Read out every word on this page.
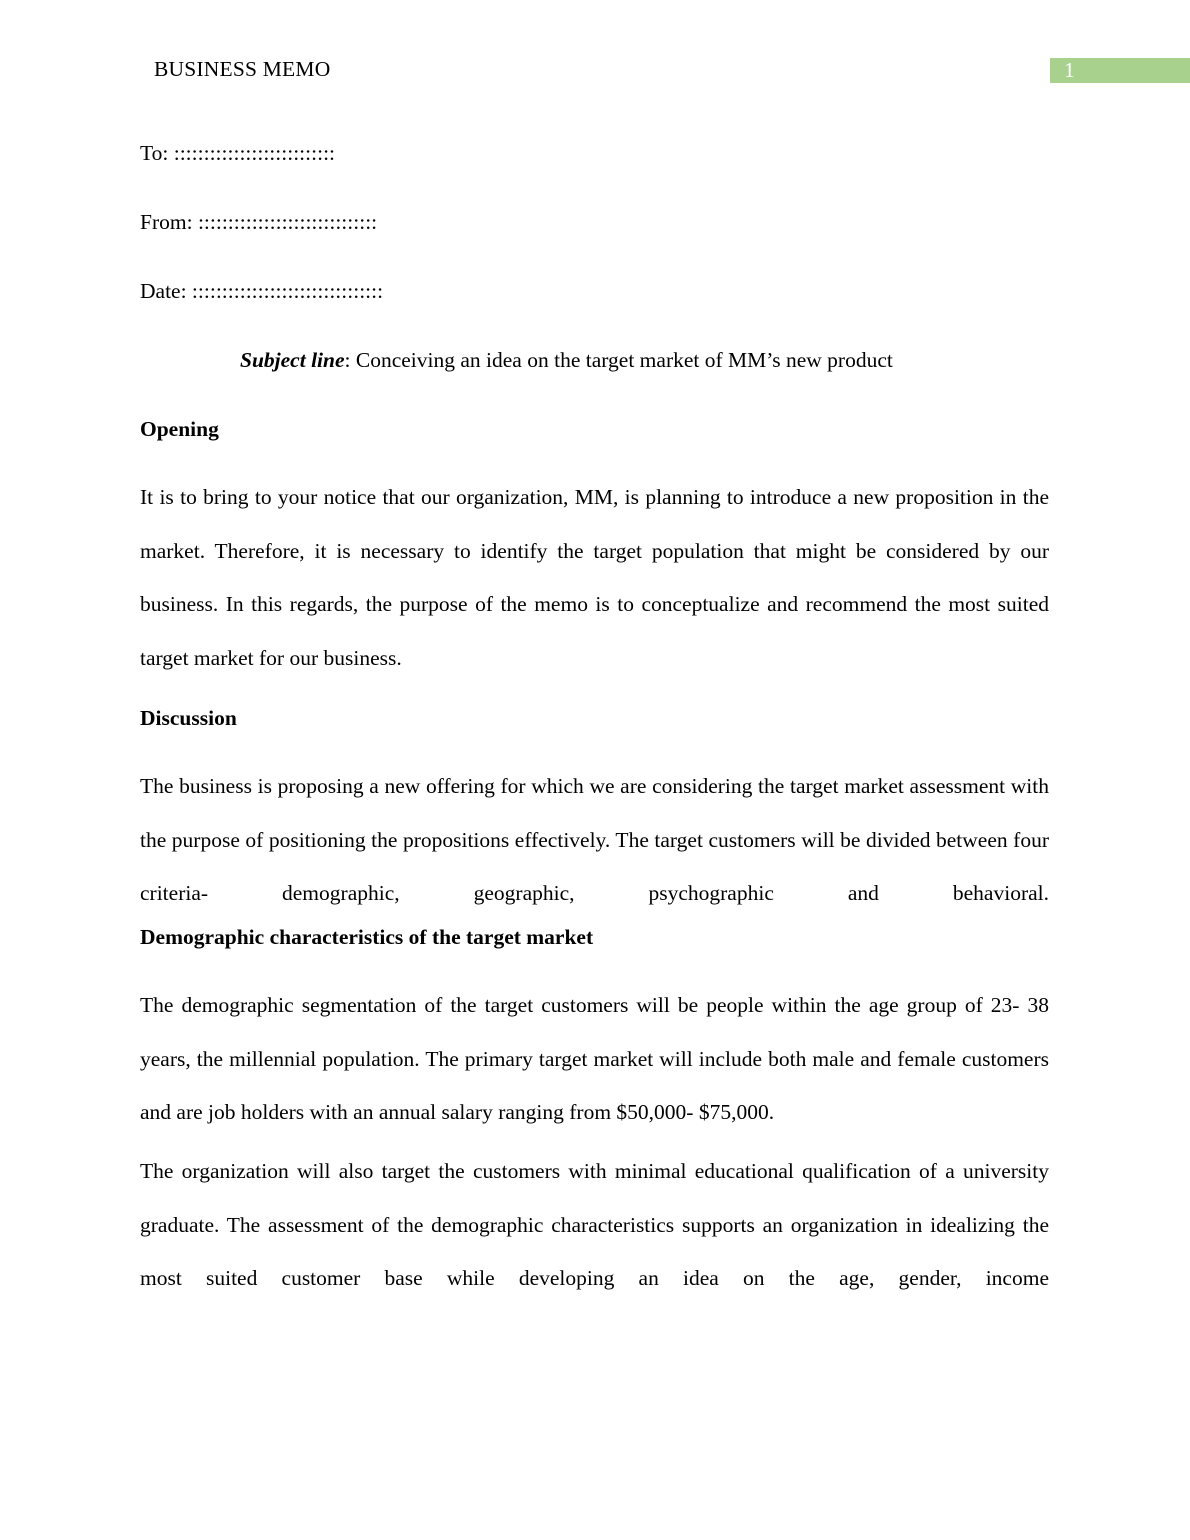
BUSINESS MEMO	1

To: :::::::::::::::::::::::::::

From: ::::::::::::::::::::::::::::::

Date: ::::::::::::::::::::::::::::::::

Subject line: Conceiving an idea on the target market of MM’s new product

Opening

It is to bring to your notice that our organization, MM, is planning to introduce a new proposition in the market. Therefore, it is necessary to identify the target population that might be considered by our business. In this regards, the purpose of the memo is to conceptualize and recommend the most suited target market for our business.

Discussion

The business is proposing a new offering for which we are considering the target market assessment with the purpose of positioning the propositions effectively. The target customers will be divided between four criteria- demographic, geographic, psychographic and behavioral.

Demographic characteristics of the target market

The demographic segmentation of the target customers will be people within the age group of 23- 38 years, the millennial population. The primary target market will include both male and female customers and are job holders with an annual salary ranging from $50,000- $75,000.

The organization will also target the customers with minimal educational qualification of a university graduate. The assessment of the demographic characteristics supports an organization in idealizing the most suited customer base while developing an idea on the age, gender, income
